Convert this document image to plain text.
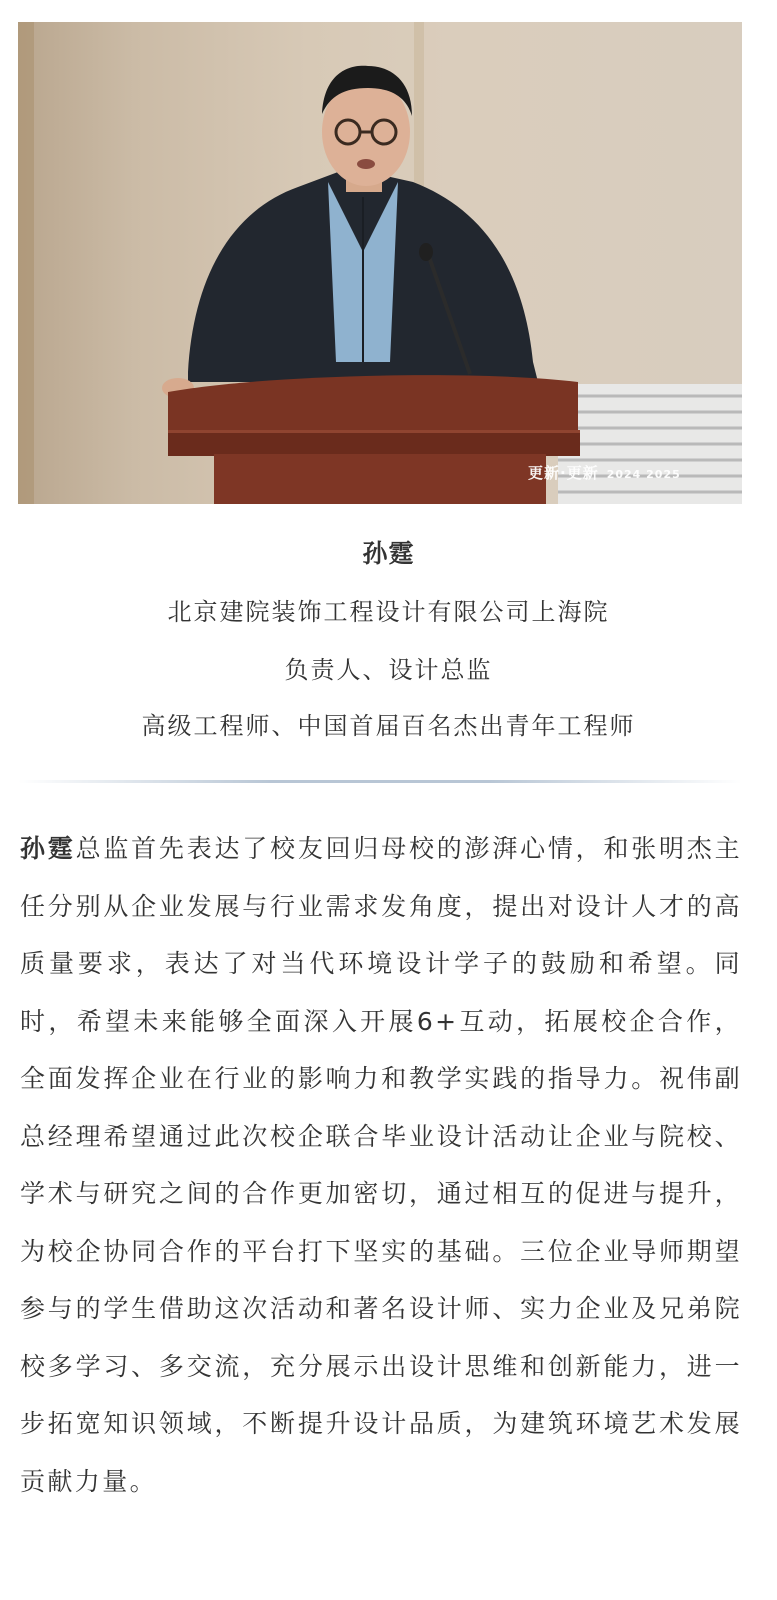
更新·更新 2024 2025
孙霆
北京建院装饰工程设计有限公司上海院
负责人、设计总监
高级工程师、中国首届百名杰出青年工程师
孙霆总监首先表达了校友回归母校的澎湃心情，和张明杰主任分别从企业发展与行业需求发角度，提出对设计人才的高质量要求，表达了对当代环境设计学子的鼓励和希望。同时，希望未来能够全面深入开展6+互动，拓展校企合作，全面发挥企业在行业的影响力和教学实践的指导力。祝伟副总经理希望通过此次校企联合毕业设计活动让企业与院校、学术与研究之间的合作更加密切，通过相互的促进与提升，为校企协同合作的平台打下坚实的基础。三位企业导师期望参与的学生借助这次活动和著名设计师、实力企业及兄弟院校多学习、多交流，充分展示出设计思维和创新能力，进一步拓宽知识领域，不断提升设计品质，为建筑环境艺术发展贡献力量。
